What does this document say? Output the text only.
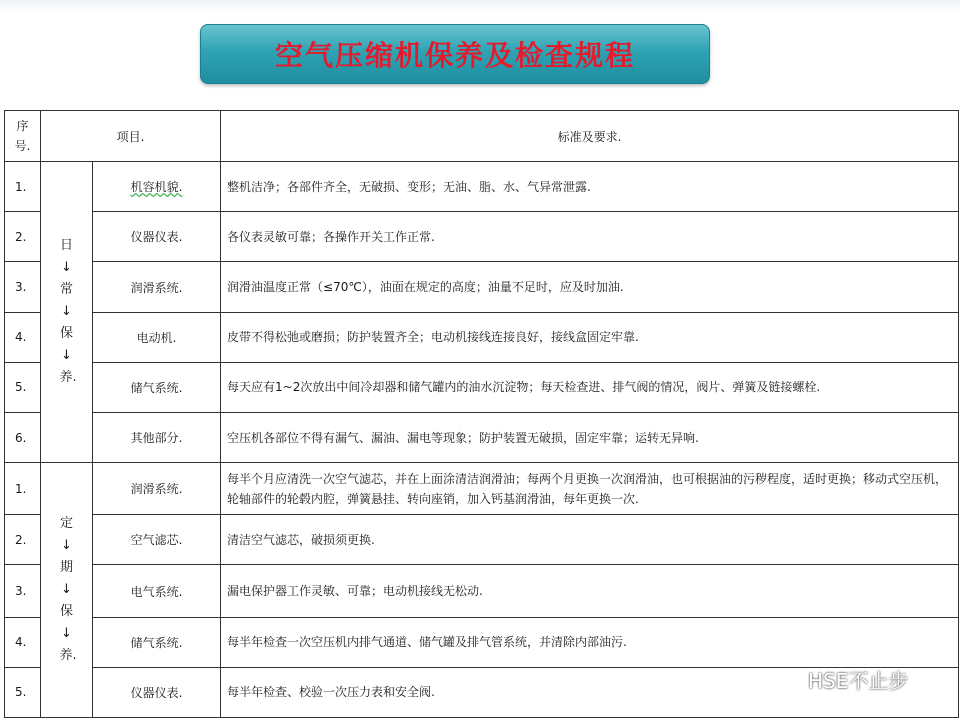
空气压缩机保养及检查规程
序号.	项目.		标准及要求.
1.	日↓常↓保↓养.	机容机貌.	整机洁净；各部件齐全，无破损、变形；无油、脂、水、气异常泄露.
2.		仪器仪表.	各仪表灵敏可靠；各操作开关工作正常.
3.		润滑系统.	润滑油温度正常（≤70℃），油面在规定的高度；油量不足时，应及时加油.
4.		电动机.	皮带不得松弛或磨损；防护装置齐全；电动机接线连接良好，接线盒固定牢靠.
5.		储气系统.	每天应有1~2次放出中间冷却器和储气罐内的油水沉淀物；每天检查进、排气阀的情况，阀片、弹簧及链接螺栓.
6.		其他部分.	空压机各部位不得有漏气、漏油、漏电等现象；防护装置无破损，固定牢靠；运转无异响.
1.	定↓期↓保↓养.	润滑系统.	每半个月应清洗一次空气滤芯，并在上面涂清洁润滑油；每两个月更换一次润滑油，也可根据油的污秽程度，适时更换；移动式空压机，轮轴部件的轮毂内腔，弹簧悬挂、转向座销，加入钙基润滑油，每年更换一次.
2.		空气滤芯.	清洁空气滤芯，破损须更换.
3.		电气系统.	漏电保护器工作灵敏、可靠；电动机接线无松动.
4.		储气系统.	每半年检查一次空压机内排气通道、储气罐及排气管系统，并清除内部油污.
5.		仪器仪表.	每半年检查、校验一次压力表和安全阀.	HSE不止步
